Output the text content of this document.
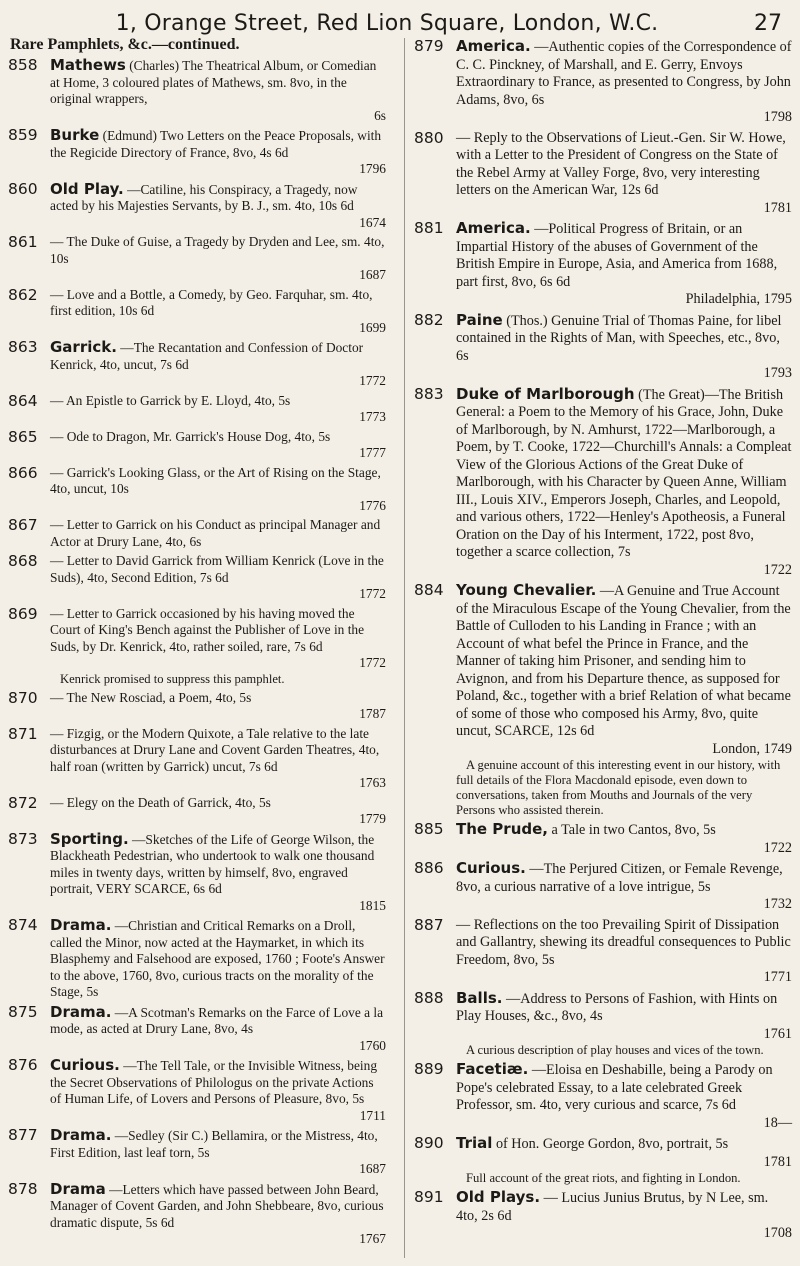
1, Orange Street, Red Lion Square, London, W.C.	27
Rare Pamphlets, &c.—continued.
858 Mathews (Charles) The Theatrical Album, or Comedian at Home, 3 coloured plates of Mathews, sm. 8vo, in the original wrappers,
6s
859 Burke (Edmund) Two Letters on the Peace Proposals, with the Regicide Directory of France, 8vo, 4s 6d
1796
860 Old Play. —Catiline, his Conspiracy, a Tragedy, now acted by his Majesties Servants, by B. J., sm. 4to, 10s 6d
1674
861 — The Duke of Guise, a Tragedy by Dryden and Lee, sm. 4to, 10s
1687
862 — Love and a Bottle, a Comedy, by Geo. Farquhar, sm. 4to, first edition, 10s 6d
1699
863 Garrick. —The Recantation and Confession of Doctor Kenrick, 4to, uncut, 7s 6d
1772
864 — An Epistle to Garrick by E. Lloyd, 4to, 5s
1773
865 — Ode to Dragon, Mr. Garrick's House Dog, 4to, 5s
1777
866 — Garrick's Looking Glass, or the Art of Rising on the Stage, 4to, uncut, 10s
1776
867 — Letter to Garrick on his Conduct as principal Manager and Actor at Drury Lane, 4to, 6s
868 — Letter to David Garrick from William Kenrick (Love in the Suds), 4to, Second Edition, 7s 6d
1772
869 — Letter to Garrick occasioned by his having moved the Court of King's Bench against the Publisher of Love in the Suds, by Dr. Kenrick, 4to, rather soiled, rare, 7s 6d
1772
Kenrick promised to suppress this pamphlet.
870 — The New Rosciad, a Poem, 4to, 5s
1787
871 — Fizgig, or the Modern Quixote, a Tale relative to the late disturbances at Drury Lane and Covent Garden Theatres, 4to, half roan (written by Garrick) uncut, 7s 6d
1763
872 — Elegy on the Death of Garrick, 4to, 5s
1779
873 Sporting. —Sketches of the Life of George Wilson, the Blackheath Pedestrian, who undertook to walk one thousand miles in twenty days, written by himself, 8vo, engraved portrait, VERY SCARCE, 6s 6d
1815
874 Drama. —Christian and Critical Remarks on a Droll, called the Minor, now acted at the Haymarket, in which its Blasphemy and Falsehood are exposed, 1760 ; Foote's Answer to the above, 1760, 8vo, curious tracts on the morality of the Stage, 5s
875 Drama. —A Scotman's Remarks on the Farce of Love a la mode, as acted at Drury Lane, 8vo, 4s
1760
876 Curious. —The Tell Tale, or the Invisible Witness, being the Secret Observations of Philologus on the private Actions of Human Life, of Lovers and Persons of Pleasure, 8vo, 5s
1711
877 Drama. —Sedley (Sir C.) Bellamira, or the Mistress, 4to, First Edition, last leaf torn, 5s
1687
878 Drama —Letters which have passed between John Beard, Manager of Covent Garden, and John Shebbeare, 8vo, curious dramatic dispute, 5s 6d
1767
879 America. —Authentic copies of the Correspondence of C. C. Pinckney, of Marshall, and E. Gerry, Envoys Extraordinary to France, as presented to Congress, by John Adams, 8vo, 6s
1798
880 — Reply to the Observations of Lieut.-Gen. Sir W. Howe, with a Letter to the President of Congress on the State of the Rebel Army at Valley Forge, 8vo, very interesting letters on the American War, 12s 6d
1781
881 America. —Political Progress of Britain, or an Impartial History of the abuses of Government of the British Empire in Europe, Asia, and America from 1688, part first, 8vo, 6s 6d
Philadelphia, 1795
882 Paine (Thos.) Genuine Trial of Thomas Paine, for libel contained in the Rights of Man, with Speeches, etc., 8vo, 6s
1793
883 Duke of Marlborough (The Great)—The British General: a Poem to the Memory of his Grace, John, Duke of Marlborough, by N. Amhurst, 1722—Marlborough, a Poem, by T. Cooke, 1722—Churchill's Annals: a Compleat View of the Glorious Actions of the Great Duke of Marlborough, with his Character by Queen Anne, William III., Louis XIV., Emperors Joseph, Charles, and Leopold, and various others, 1722—Henley's Apotheosis, a Funeral Oration on the Day of his Interment, 1722, post 8vo, together a scarce collection, 7s
1722
884 Young Chevalier. —A Genuine and True Account of the Miraculous Escape of the Young Chevalier, from the Battle of Culloden to his Landing in France ; with an Account of what befel the Prince in France, and the Manner of taking him Prisoner, and sending him to Avignon, and from his Departure thence, as supposed for Poland, &c., together with a brief Relation of what became of some of those who composed his Army, 8vo, quite uncut, SCARCE, 12s 6d
London, 1749
A genuine account of this interesting event in our history, with full details of the Flora Macdonald episode, even down to conversations, taken from Mouths and Journals of the very Persons who assisted therein.
885 The Prude, a Tale in two Cantos, 8vo, 5s
1722
886 Curious. —The Perjured Citizen, or Female Revenge, 8vo, a curious narrative of a love intrigue, 5s
1732
887 — Reflections on the too Prevailing Spirit of Dissipation and Gallantry, shewing its dreadful consequences to Public Freedom, 8vo, 5s
1771
888 Balls. —Address to Persons of Fashion, with Hints on Play Houses, &c., 8vo, 4s
1761
A curious description of play houses and vices of the town.
889 Facetiæ. —Eloisa en Deshabille, being a Parody on Pope's celebrated Essay, to a late celebrated Greek Professor, sm. 4to, very curious and scarce, 7s 6d
18—
890 Trial of Hon. George Gordon, 8vo, portrait, 5s
1781
Full account of the great riots, and fighting in London.
891 Old Plays. — Lucius Junius Brutus, by N Lee, sm. 4to, 2s 6d
1708
